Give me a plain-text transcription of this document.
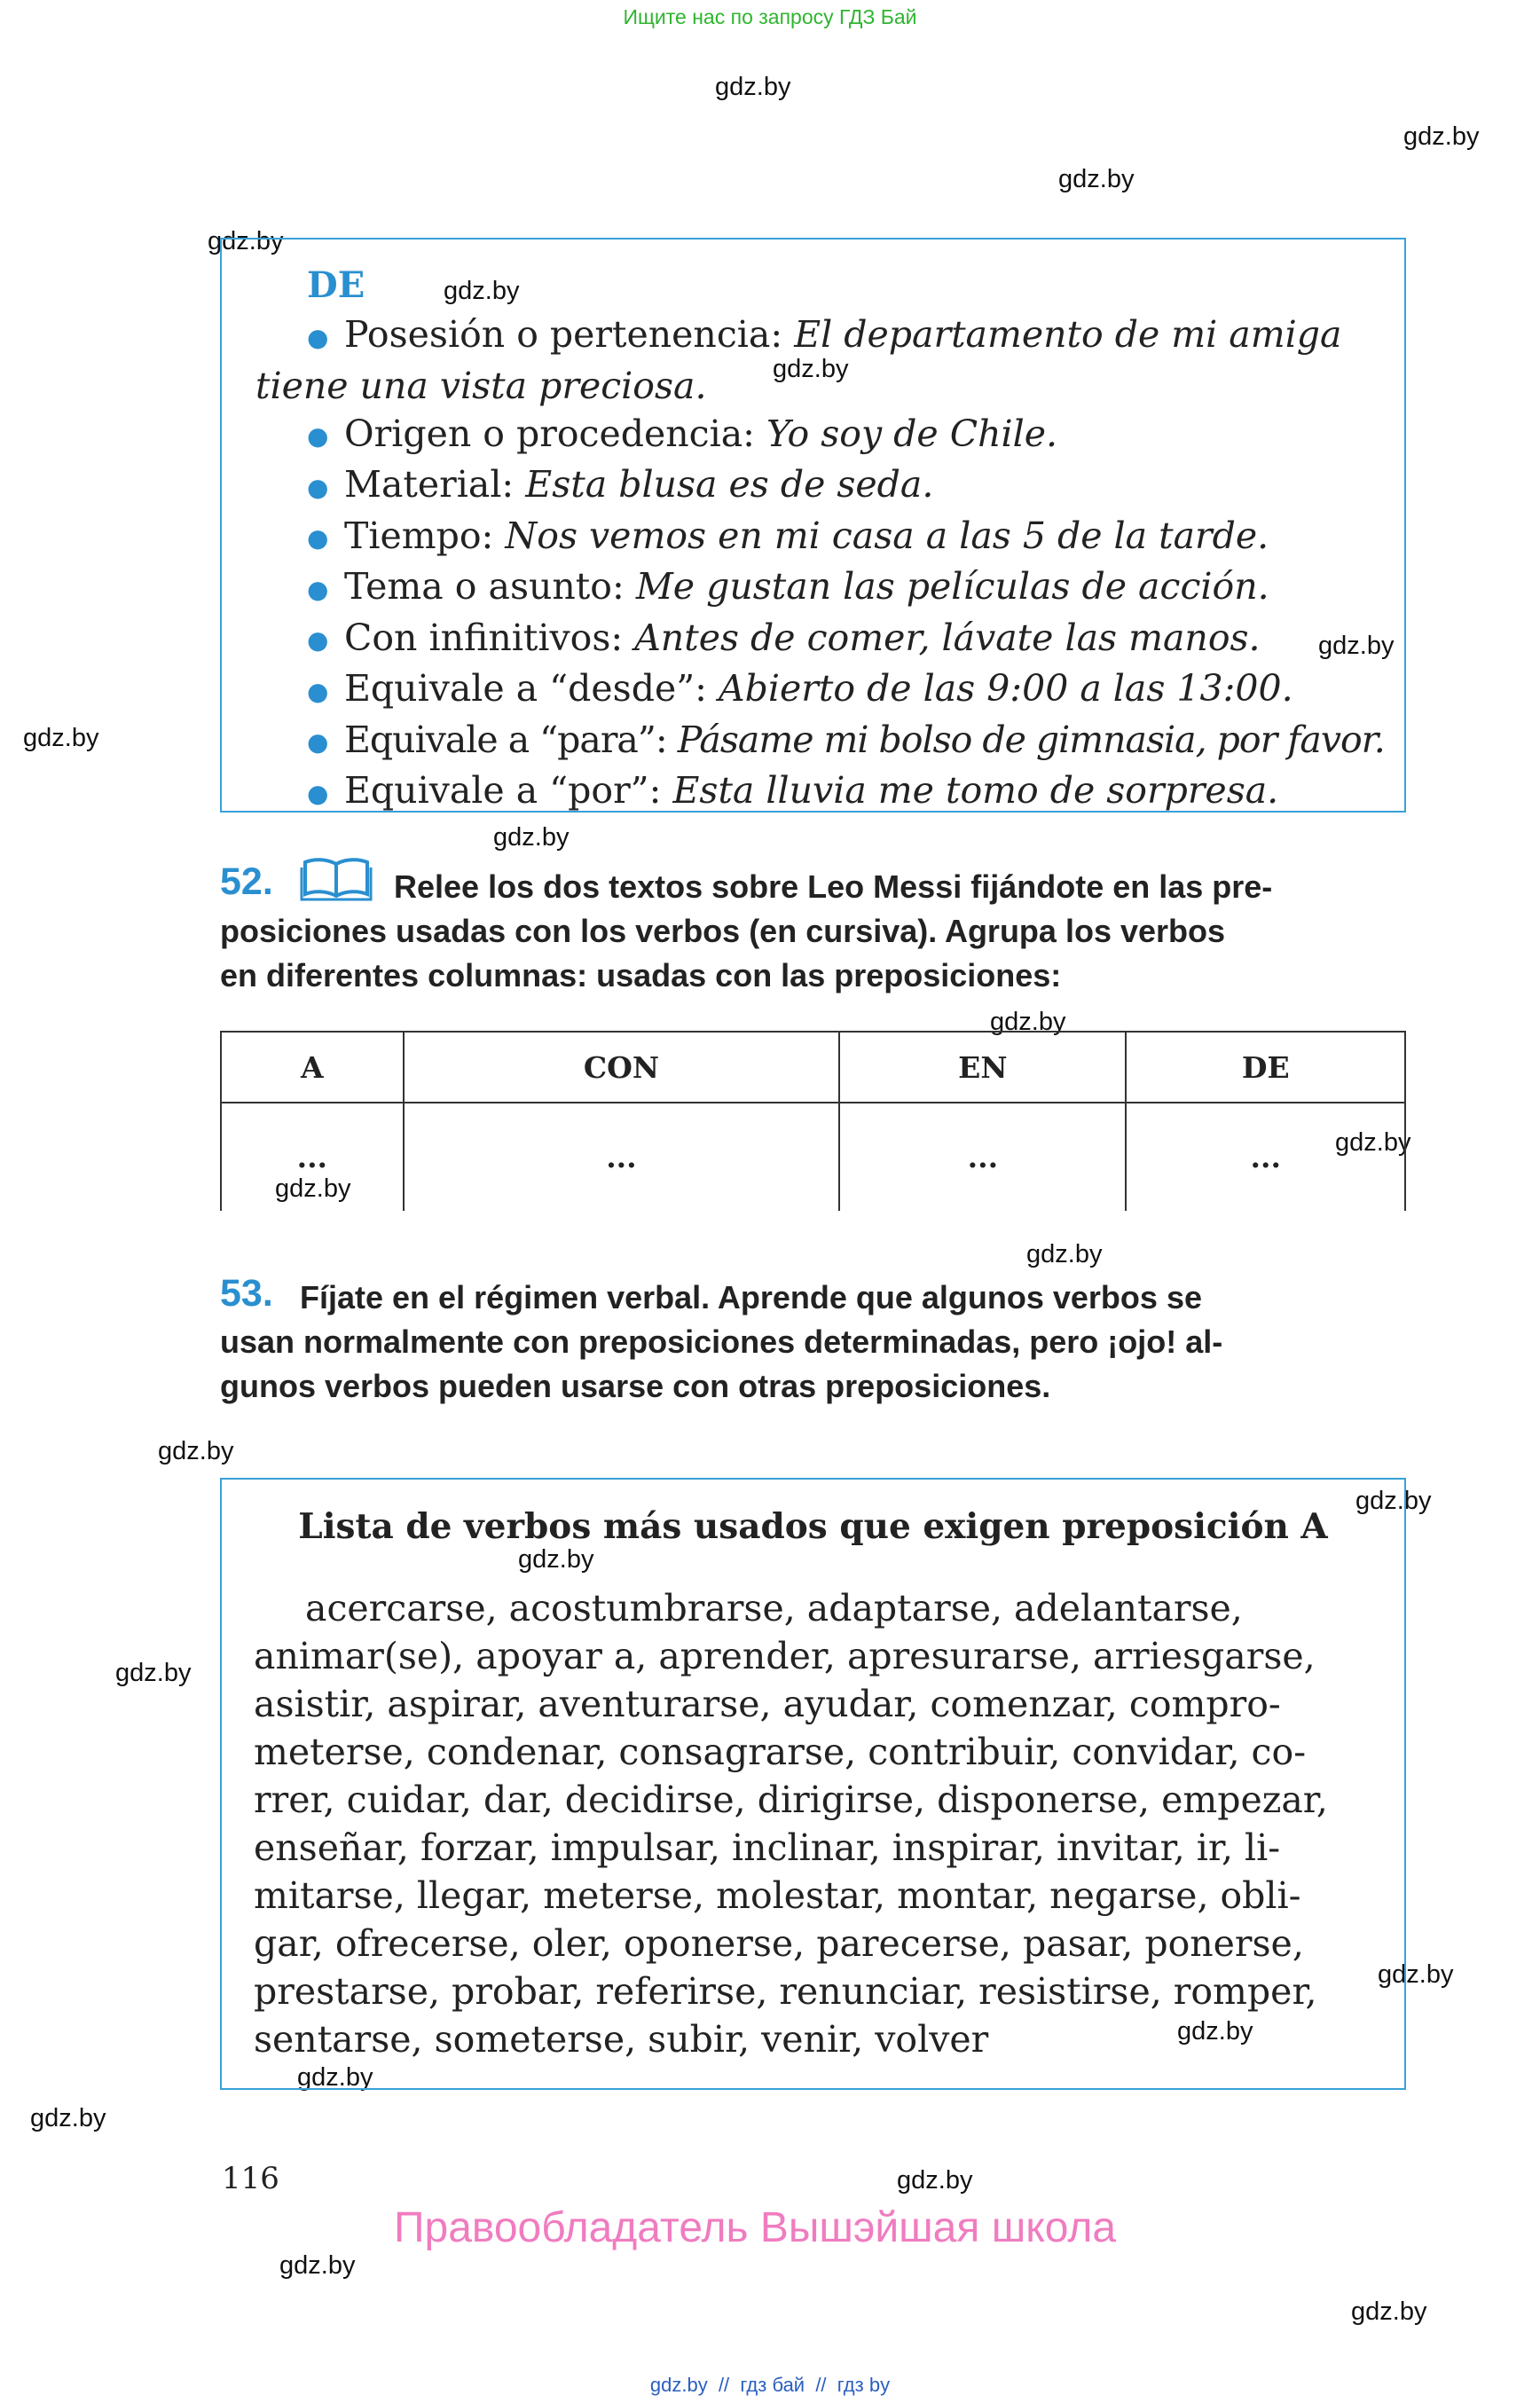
Ищите нас по запросу ГДЗ Бай
gdz.by
gdz.by
gdz.by
gdz.by
gdz.by
gdz.by
gdz.by
gdz.by
gdz.by
gdz.by
gdz.by
gdz.by
gdz.by
gdz.by
gdz.by
gdz.by
gdz.by
gdz.by
gdz.by
gdz.by
gdz.by
gdz.by
gdz.by
gdz.by
DE
● Posesión o pertenencia: El departamento de mi amiga
tiene una vista preciosa.
● Origen o procedencia: Yo soy de Chile.
● Material: Esta blusa es de seda.
● Tiempo: Nos vemos en mi casa a las 5 de la tarde.
● Tema o asunto: Me gustan las películas de acción.
● Con infinitivos: Antes de comer, lávate las manos.
● Equivale a “desde”: Abierto de las 9:00 a las 13:00.
● Equivale a “para”: Pásame mi bolso de gimnasia, por favor.
● Equivale a “por”: Esta lluvia me tomo de sorpresa.
52.	Relee los dos textos sobre Leo Messi fijándote en las pre-
posiciones usadas con los verbos (en cursiva). Agrupa los verbos
en diferentes columnas: usadas con las preposiciones:
A	CON	EN	DE
...	...	...	...
53. Fíjate en el régimen verbal. Aprende que algunos verbos se
usan normalmente con preposiciones determinadas, pero ¡ojo! al-
gunos verbos pueden usarse con otras preposiciones.
Lista de verbos más usados que exigen preposición A
acercarse, acostumbrarse, adaptarse, adelantarse,
animar(se), apoyar a, aprender, apresurarse, arriesgarse,
asistir, aspirar, aventurarse, ayudar, comenzar, compro-
meterse, condenar, consagrarse, contribuir, convidar, co-
rrer, cuidar, dar, decidirse, dirigirse, disponerse, empezar,
enseñar, forzar, impulsar, inclinar, inspirar, invitar, ir, li-
mitarse, llegar, meterse, molestar, montar, negarse, obli-
gar, ofrecerse, oler, oponerse, parecerse, pasar, ponerse,
prestarse, probar, referirse, renunciar, resistirse, romper,
sentarse, someterse, subir, venir, volver
116
Правообладатель Вышэйшая школа
gdz.by  //  гдз бай  //  гдз by
